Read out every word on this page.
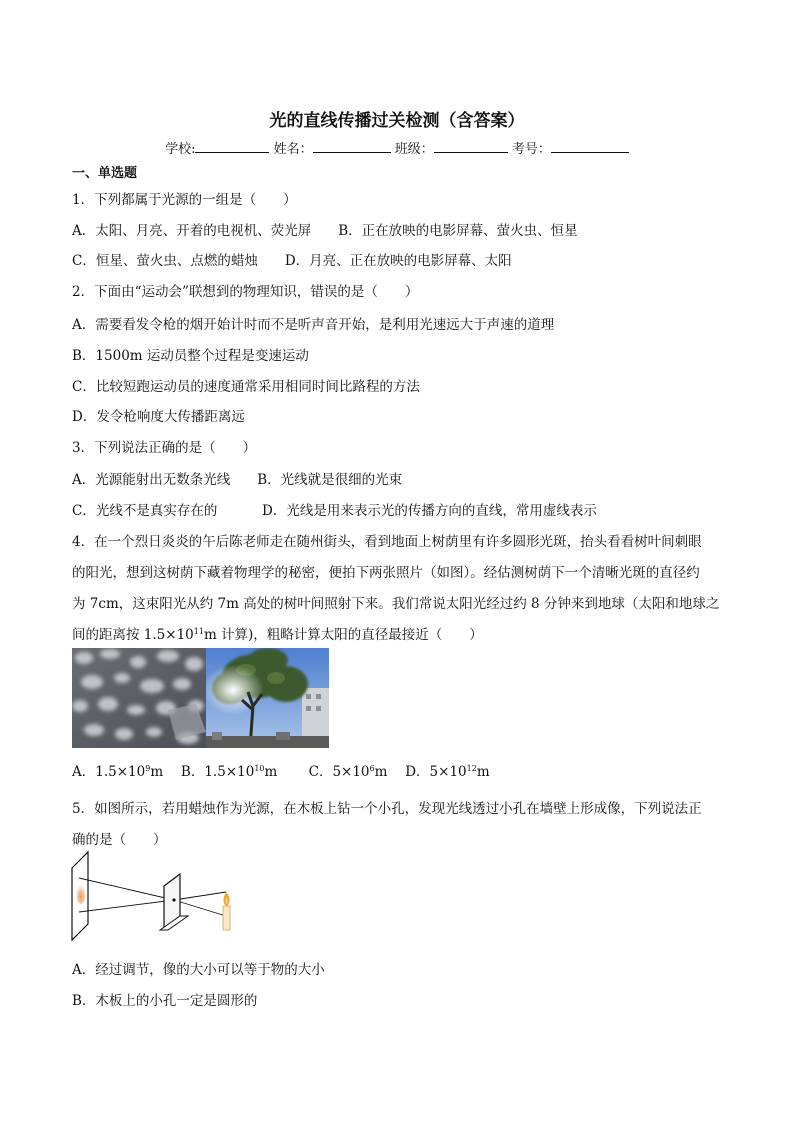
光的直线传播过关检测（含答案）
学校:	姓名：	班级：	考号：
一、单选题
1．下列都属于光源的一组是（　　）
A．太阳、月亮、开着的电视机、荧光屏　　B．正在放映的电影屏幕、萤火虫、恒星
C．恒星、萤火虫、点燃的蜡烛　　D．月亮、正在放映的电影屏幕、太阳
2．下面由“运动会”联想到的物理知识，错误的是（　　）
A．需要看发令枪的烟开始计时而不是听声音开始，是利用光速远大于声速的道理
B．1500m 运动员整个过程是变速运动
C．比较短跑运动员的速度通常采用相同时间比路程的方法
D．发令枪响度大传播距离远
3．下列说法正确的是（　　）
A．光源能射出无数条光线　　B．光线就是很细的光束
C．光线不是真实存在的	D．光线是用来表示光的传播方向的直线，常用虚线表示
4．在一个烈日炎炎的午后陈老师走在随州街头，看到地面上树荫里有许多圆形光斑，抬头看看树叶间刺眼
的阳光，想到这树荫下藏着物理学的秘密，便拍下两张照片（如图）。经估测树荫下一个清晰光斑的直径约
为 7cm，这束阳光从约 7m 高处的树叶间照射下来。我们常说太阳光经过约 8 分钟来到地球（太阳和地球之
间的距离按 $1.5\times 10^{11}m$ 计算)，粗略计算太阳的直径最接近（　　）
A．$1.5\times 10^9m$　 B．$1.5\times 10^{10}m$　　 C．$5\times 10^6m$　 D．$5\times 10^{12}m$
5．如图所示，若用蜡烛作为光源，在木板上钻一个小孔，发现光线透过小孔在墙壁上形成像，下列说法正
确的是（　　）
A．经过调节，像的大小可以等于物的大小
B．木板上的小孔一定是圆形的
